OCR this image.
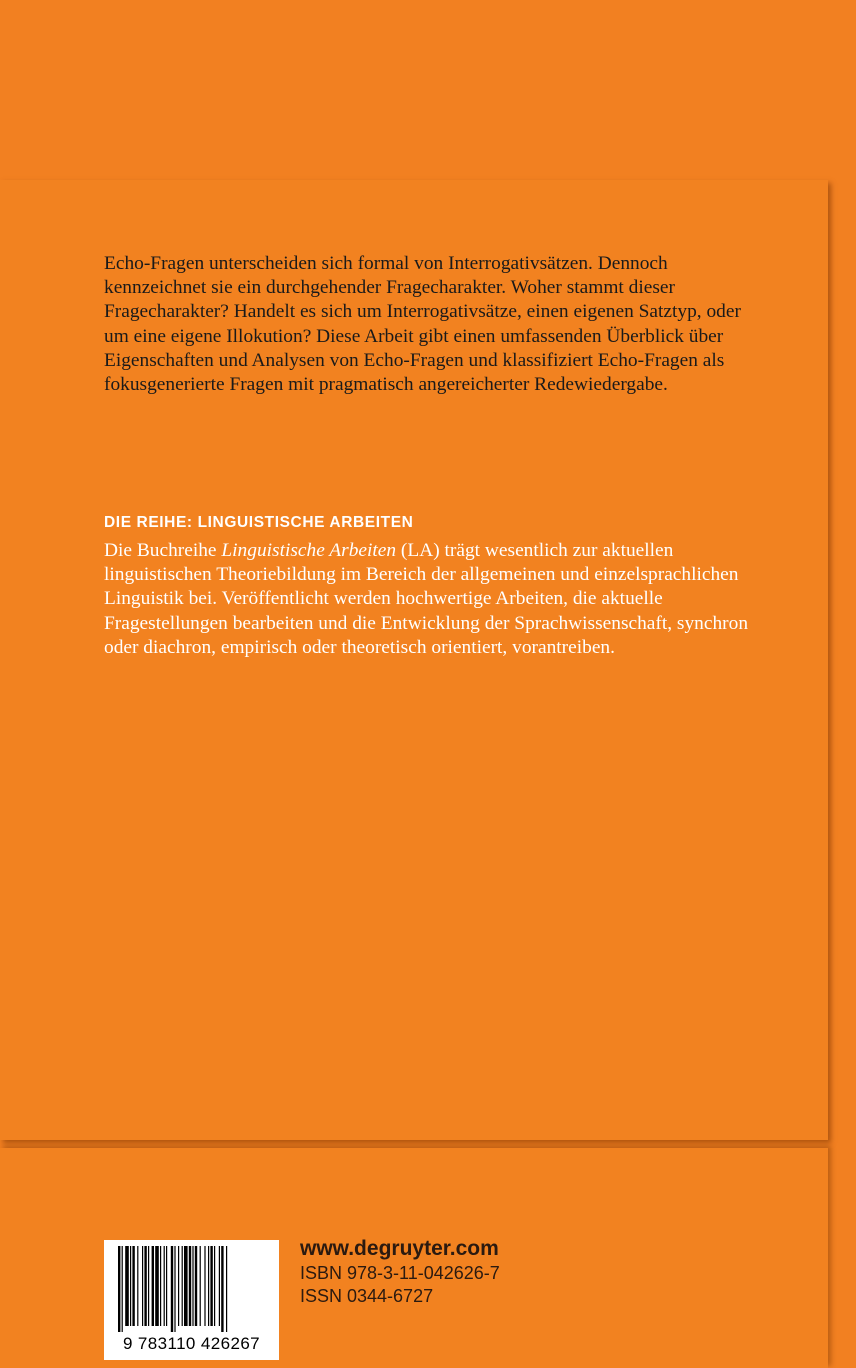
Echo-Fragen unterscheiden sich formal von Interrogativsätzen. Dennoch kennzeichnet sie ein durchgehender Fragecharakter. Woher stammt dieser Fragecharakter? Handelt es sich um Interrogativsätze, einen eigenen Satztyp, oder um eine eigene Illokution? Diese Arbeit gibt einen umfassenden Überblick über Eigenschaften und Analysen von Echo-Fragen und klassifiziert Echo-Fragen als fokusgenerierte Fragen mit pragmatisch angereicherter Redewiedergabe.

DIE REIHE: LINGUISTISCHE ARBEITEN

Die Buchreihe Linguistische Arbeiten (LA) trägt wesentlich zur aktuellen linguistischen Theoriebildung im Bereich der allgemeinen und einzelsprachlichen Linguistik bei. Veröffentlicht werden hochwertige Arbeiten, die aktuelle Fragestellungen bearbeiten und die Entwicklung der Sprachwissenschaft, synchron oder diachron, empirisch oder theoretisch orientiert, vorantreiben.

9 783110 426267
www.degruyter.com
ISBN 978-3-11-042626-7
ISSN 0344-6727
